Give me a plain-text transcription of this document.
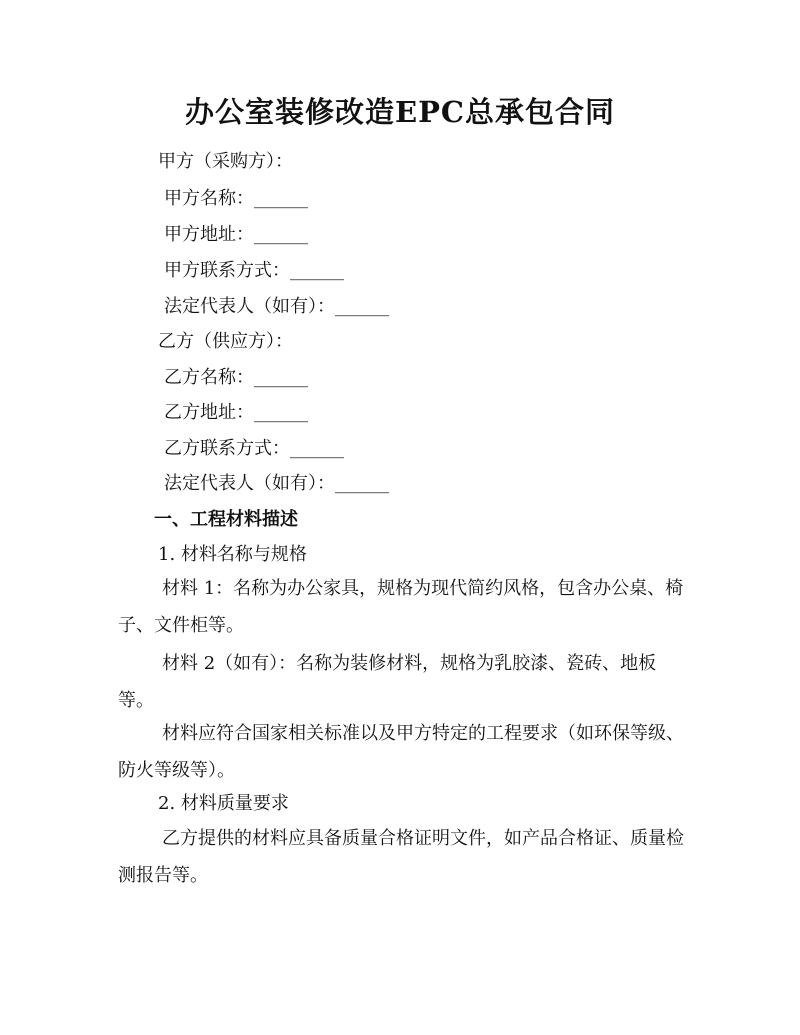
办公室装修改造EPC总承包合同
甲方（采购方）：
甲方名称：______
甲方地址：______
甲方联系方式：______
法定代表人（如有）：______
乙方（供应方）：
乙方名称：______
乙方地址：______
乙方联系方式：______
法定代表人（如有）：______
一、工程材料描述
1. 材料名称与规格
材料 1：名称为办公家具，规格为现代简约风格，包含办公桌、椅子、文件柜等。
材料 2（如有）：名称为装修材料，规格为乳胶漆、瓷砖、地板等。
材料应符合国家相关标准以及甲方特定的工程要求（如环保等级、防火等级等）。
2. 材料质量要求
乙方提供的材料应具备质量合格证明文件，如产品合格证、质量检测报告等。
